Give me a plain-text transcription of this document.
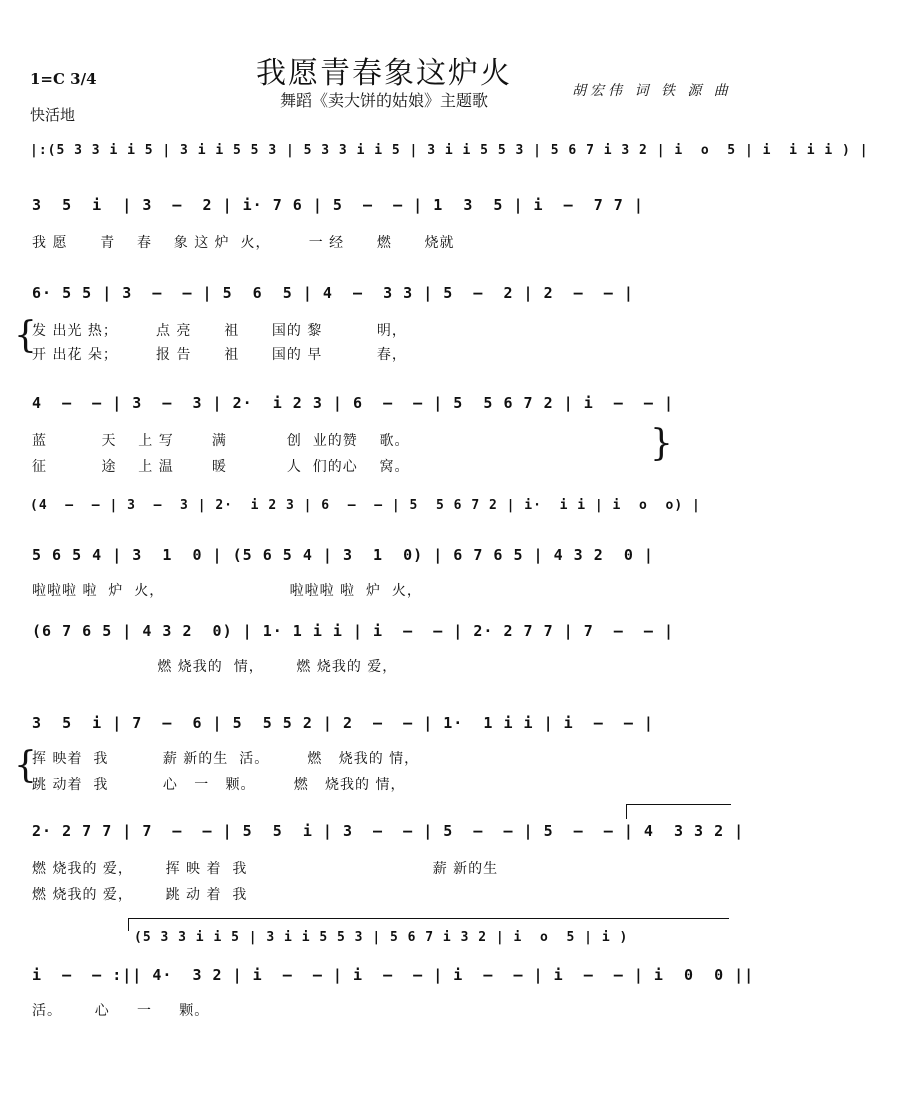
我愿青春象这炉火
舞蹈《卖大饼的姑娘》主题歌	胡宏伟 词 铁 源 曲
1=C 3/4
快活地
|:(5 3 3 i i 5 | 3 i i 5 5 3 | 5 3 3 i i 5 | 3 i i 5 5 3 | 5 6 7 i 3 2 | i  o  5 | i  i i i ) |
3  5  i  | 3  –  2 | i· 7 6 | 5  –  – | 1  3  5 | i  –  7 7 |
我 愿      青    春    象 这 炉  火，       一 经      燃      烧就
6· 5 5 | 3  –  – | 5  6  5 | 4  –  3 3 | 5  –  2 | 2  –  – |
{
发 出光 热；       点 亮      祖      国的 黎          明，
开 出花 朵；       报 告      祖      国的 早          春，
4  –  – | 3  –  3 | 2·  i 2 3 | 6  –  – | 5  5 6 7 2 | i  –  – |
蓝          天    上 写       满           创  业的赞    歌。
征          途    上 温       暖           人  们的心    窝。
}
(4  –  – | 3  –  3 | 2·  i 2 3 | 6  –  – | 5  5 6 7 2 | i·  i i | i  o  o) |
5 6 5 4 | 3  1  0 | (5 6 5 4 | 3  1  0) | 6 7 6 5 | 4 3 2  0 |
啦啦啦 啦  炉  火，                       啦啦啦 啦  炉  火，
(6 7 6 5 | 4 3 2  0) | 1· 1 i i | i  –  – | 2· 2 7 7 | 7  –  – |
燃 烧我的  情，      燃 烧我的 爱，
3  5  i | 7  –  6 | 5  5 5 2 | 2  –  – | 1·  1 i i | i  –  – |
{
挥 映着  我          薪 新的生  活。       燃   烧我的 情，
跳 动着  我          心   一   颗。       燃   烧我的 情，
2· 2 7 7 | 7  –  – | 5  5  i | 3  –  – | 5  –  – | 5  –  – | 4  3 3 2 |
燃 烧我的 爱，      挥 映 着  我                                  薪 新的生
燃 烧我的 爱，      跳 动 着  我
(5 3 3 i i 5 | 3 i i 5 5 3 | 5 6 7 i 3 2 | i  o  5 | i )
i  –  – :|| 4·  3 2 | i  –  – | i  –  – | i  –  – | i  –  – | i  0  0 ||
活。      心     一     颗。
